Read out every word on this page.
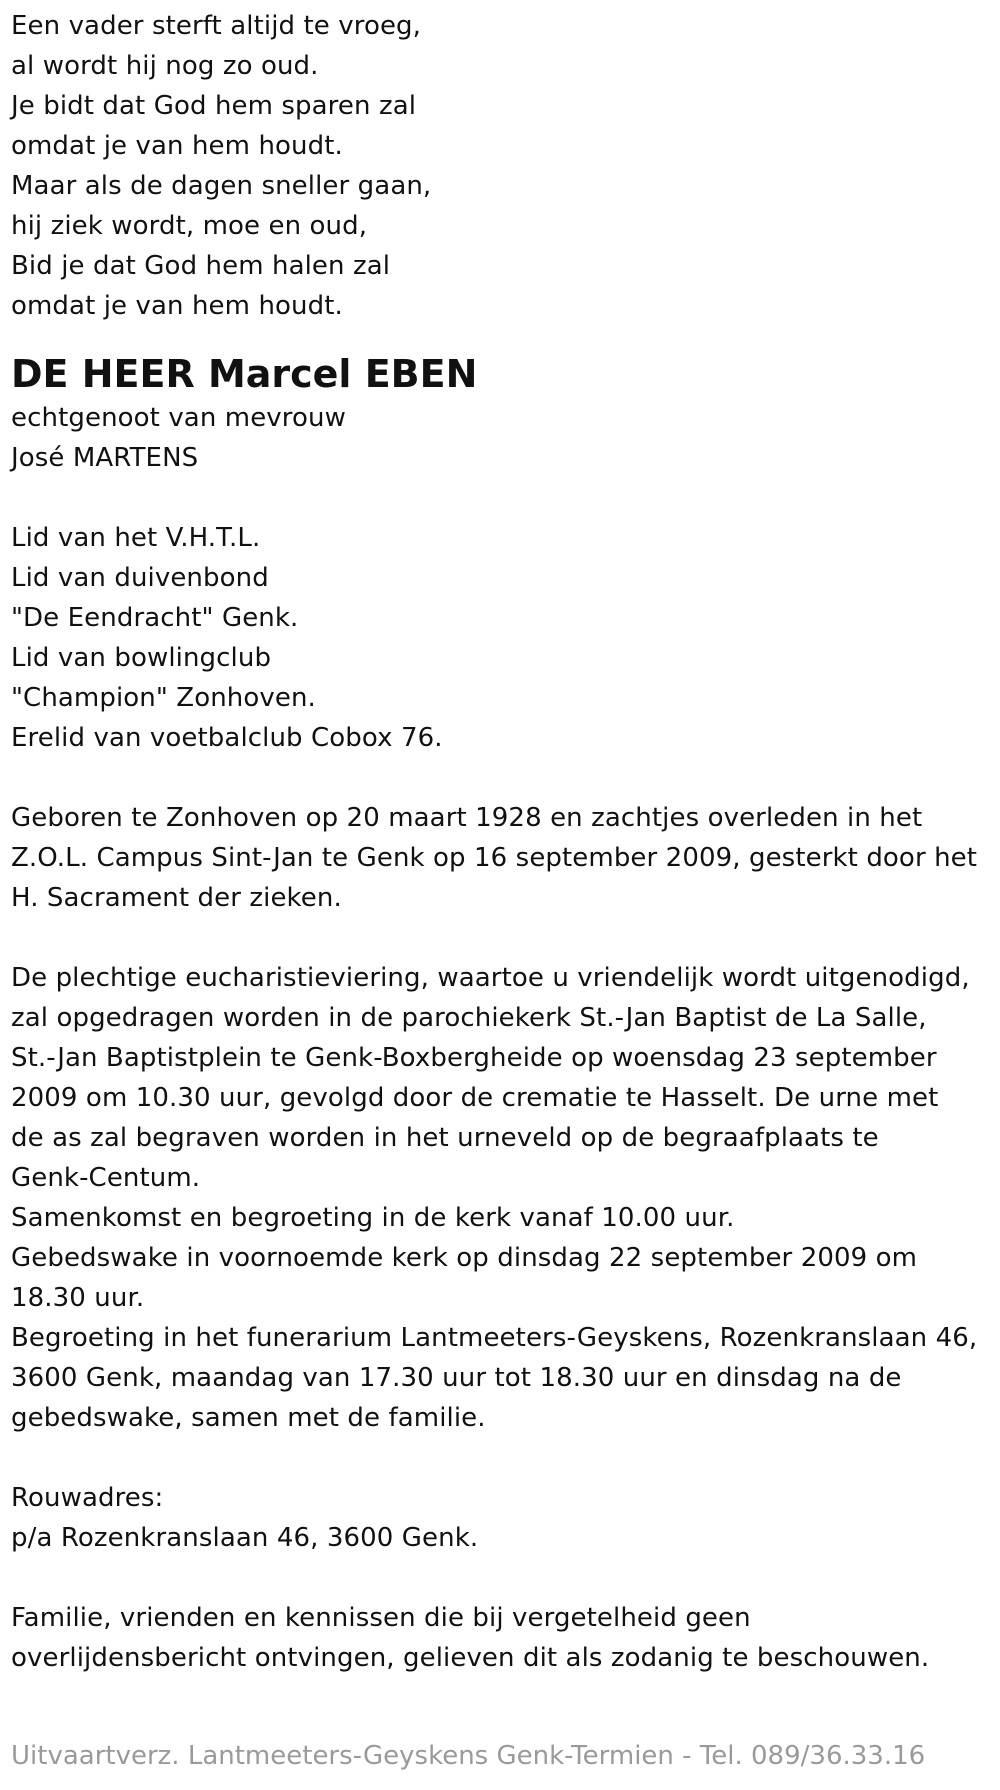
Een vader sterft altijd te vroeg,
al wordt hij nog zo oud.
Je bidt dat God hem sparen zal
omdat je van hem houdt.
Maar als de dagen sneller gaan,
hij ziek wordt, moe en oud,
Bid je dat God hem halen zal
omdat je van hem houdt.
DE HEER Marcel EBEN
echtgenoot van mevrouw
José MARTENS
Lid van het V.H.T.L.
Lid van duivenbond
"De Eendracht" Genk.
Lid van bowlingclub
"Champion" Zonhoven.
Erelid van voetbalclub Cobox 76.
Geboren te Zonhoven op 20 maart 1928 en zachtjes overleden in het
Z.O.L. Campus Sint-Jan te Genk op 16 september 2009, gesterkt door het
H. Sacrament der zieken.
De plechtige eucharistieviering, waartoe u vriendelijk wordt uitgenodigd,
zal opgedragen worden in de parochiekerk St.-Jan Baptist de La Salle,
St.-Jan Baptistplein te Genk-Boxbergheide op woensdag 23 september
2009 om 10.30 uur, gevolgd door de crematie te Hasselt. De urne met
de as zal begraven worden in het urneveld op de begraafplaats te
Genk-Centum.
Samenkomst en begroeting in de kerk vanaf 10.00 uur.
Gebedswake in voornoemde kerk op dinsdag 22 september 2009 om
18.30 uur.
Begroeting in het funerarium Lantmeeters-Geyskens, Rozenkranslaan 46,
3600 Genk, maandag van 17.30 uur tot 18.30 uur en dinsdag na de
gebedswake, samen met de familie.
Rouwadres:
p/a Rozenkranslaan 46, 3600 Genk.
Familie, vrienden en kennissen die bij vergetelheid geen
overlijdensbericht ontvingen, gelieven dit als zodanig te beschouwen.
Uitvaartverz. Lantmeeters-Geyskens Genk-Termien - Tel. 089/36.33.16
